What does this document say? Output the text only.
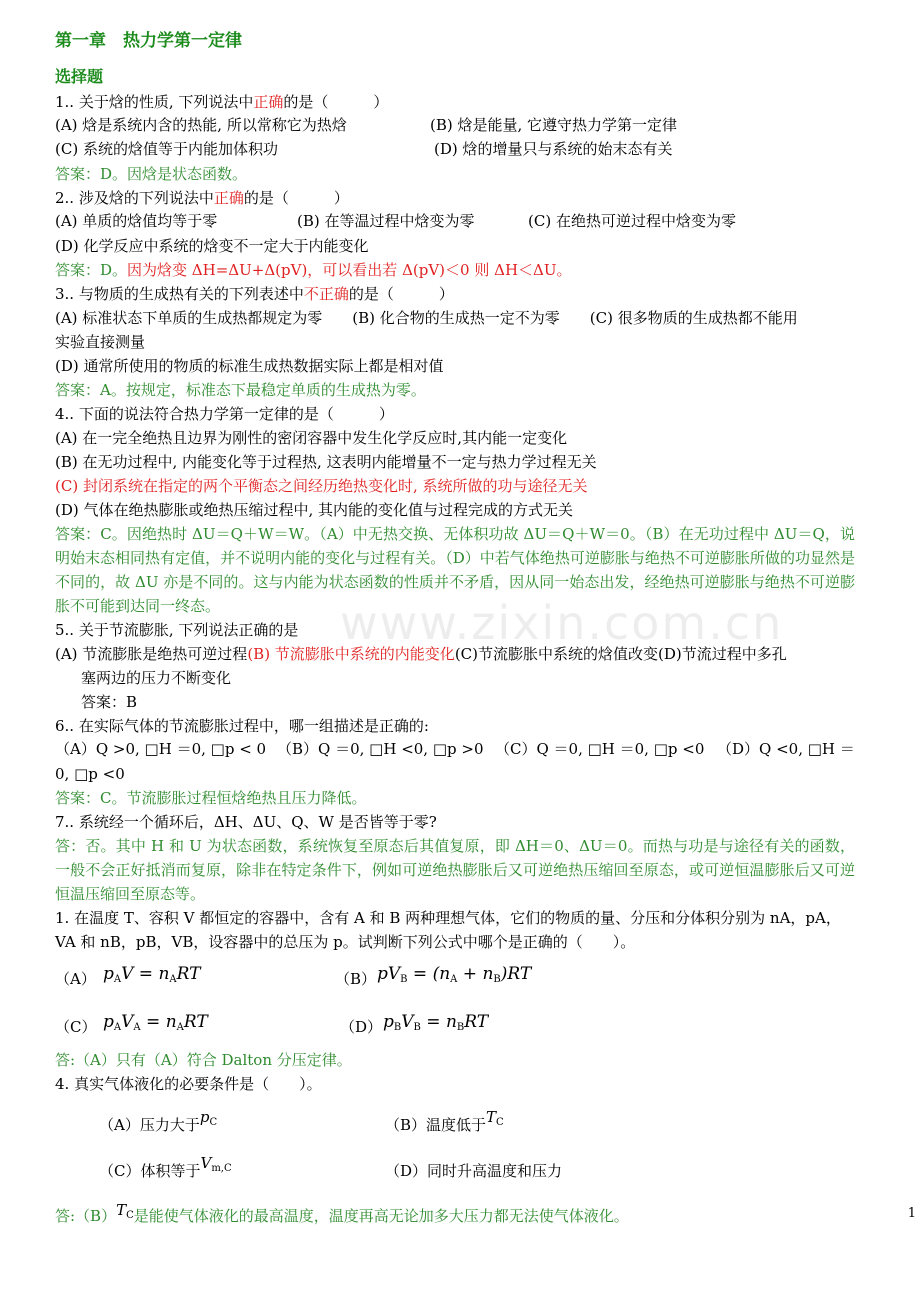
www.zixin.com.cn
第一章　热力学第一定律
选择题

1.. 关于焓的性质, 下列说法中正确的是（　　　）

(A) 焓是系统内含的热能, 所以常称它为热焓	(B) 焓是能量, 它遵守热力学第一定律
(C) 系统的焓值等于内能加体积功	(D) 焓的增量只与系统的始末态有关

答案：D。因焓是状态函数。

2.. 涉及焓的下列说法中正确的是（　　　）

(A) 单质的焓值均等于零	(B) 在等温过程中焓变为零	(C) 在绝热可逆过程中焓变为零

(D) 化学反应中系统的焓变不一定大于内能变化

答案：D。因为焓变 ΔH=ΔU+Δ(pV)，可以看出若 Δ(pV)＜0 则 ΔH＜ΔU。

3.. 与物质的生成热有关的下列表述中不正确的是（　　　）

(A) 标准状态下单质的生成热都规定为零　　(B) 化合物的生成热一定不为零　　(C) 很多物质的生成热都不能用

实验直接测量

(D) 通常所使用的物质的标准生成热数据实际上都是相对值

答案：A。按规定，标准态下最稳定单质的生成热为零。

4.. 下面的说法符合热力学第一定律的是（　　　）

(A) 在一完全绝热且边界为刚性的密闭容器中发生化学反应时,其内能一定变化

(B) 在无功过程中, 内能变化等于过程热, 这表明内能增量不一定与热力学过程无关

(C) 封闭系统在指定的两个平衡态之间经历绝热变化时, 系统所做的功与途径无关

(D) 气体在绝热膨胀或绝热压缩过程中, 其内能的变化值与过程完成的方式无关

答案：C。因绝热时 ΔU＝Q＋W＝W。（A）中无热交换、无体积功故 ΔU＝Q＋W＝0。（B）在无功过程中 ΔU＝Q，说明始末态相同热有定值，并不说明内能的变化与过程有关。（D）中若气体绝热可逆膨胀与绝热不可逆膨胀所做的功显然是不同的，故 ΔU 亦是不同的。这与内能为状态函数的性质并不矛盾，因从同一始态出发，经绝热可逆膨胀与绝热不可逆膨胀不可能到达同一终态。

5.. 关于节流膨胀, 下列说法正确的是

(A) 节流膨胀是绝热可逆过程(B) 节流膨胀中系统的内能变化(C)节流膨胀中系统的焓值改变(D)节流过程中多孔

塞两边的压力不断变化

答案：B

6.. 在实际气体的节流膨胀过程中，哪一组描述是正确的:

（A）Q >0, □H ＝0, □p < 0 （B）Q ＝0, □H <0, □p >0 （C）Q ＝0, □H ＝0, □p <0 （D）Q <0, □H ＝

0, □p <0

答案：C。节流膨胀过程恒焓绝热且压力降低。

7.. 系统经一个循环后，ΔH、ΔU、Q、W 是否皆等于零?

答：否。其中 H 和 U 为状态函数，系统恢复至原态后其值复原，即 ΔH＝0、ΔU＝0。而热与功是与途径有关的函数，一般不会正好抵消而复原，除非在特定条件下，例如可逆绝热膨胀后又可逆绝热压缩回至原态，或可逆恒温膨胀后又可逆恒温压缩回至原态等。

1. 在温度 T、容积 V 都恒定的容器中，含有 A 和 B 两种理想气体，它们的物质的量、分压和分体积分别为 nA，pA，VA 和 nB，pB，VB，设容器中的总压为 p。试判断下列公式中哪个是正确的（　　）。

（A） $p_AV = n_ART$	（B） $pV_B = (n_A + n_B)RT$
（C） $p_AV_A = n_ART$	（D） $p_BV_B = n_BRT$

答:（A）只有（A）符合 Dalton 分压定律。

4. 真实气体液化的必要条件是（　　）。

（A）压力大于$p_C$	（B）温度低于$T_C$
（C）体积等于$V_{m,C}$	（D）同时升高温度和压力

答$:(B)T_C$是能使气体液化的最高温度，温度再高无论加多大压力都无法使气体液化。	1
